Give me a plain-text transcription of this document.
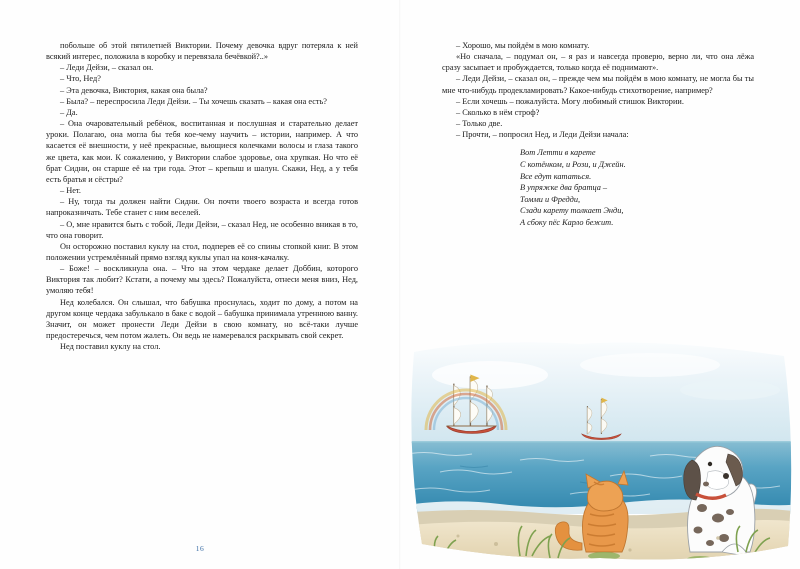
побольше об этой пятилетней Виктории. Почему девочка вдруг потеряла к ней всякий интерес, положила в коробку и перевязала бечёвкой?..»

– Леди Дейзи, – сказал он.

– Что, Нед?

– Эта девочка, Виктория, какая она была?

– Была? – переспросила Леди Дейзи. – Ты хочешь сказать – какая она есть?

– Да.

– Она очаровательный ребёнок, воспитанная и послушная и старательно делает уроки. Полагаю, она могла бы тебя кое-чему научить – истории, например. А что касается её внешности, у неё прекрасные, вьющиеся колечками волосы и глаза такого же цвета, как мои. К сожалению, у Виктории слабое здоровье, она хрупкая. Но что её брат Сидни, он старше её на три года. Этот – крепыш и шалун. Скажи, Нед, а у тебя есть братья и сёстры?

– Нет.

– Ну, тогда ты должен найти Сидни. Он почти твоего возраста и всегда готов напроказничать. Тебе станет с ним веселей.

– О, мне нравится быть с тобой, Леди Дейзи, – сказал Нед, не особенно вникая в то, что она говорит.

Он осторожно поставил куклу на стол, подперев её со спины стопкой книг. В этом положении устремлённый прямо взгляд куклы упал на коня-качалку.

– Боже! – воскликнула она. – Что на этом чердаке делает Доббин, которого Виктория так любит? Кстати, а почему мы здесь? Пожалуйста, отнеси меня вниз, Нед, умоляю тебя!

Нед колебался. Он слышал, что бабушка проснулась, ходит по дому, а потом на другом конце чердака забулькало в баке с водой – бабушка принимала утреннюю ванну. Значит, он может пронести Леди Дейзи в свою комнату, но всё-таки лучше предостеречься, чем потом жалеть. Он ведь не намеревался раскрывать свой секрет.

Нед поставил куклу на стол.

16

– Хорошо, мы пойдём в мою комнату.

«Но сначала, – подумал он, – я раз и навсегда проверю, верно ли, что она лёжа сразу засыпает и пробуждается, только когда её поднимают».

– Леди Дейзи, – сказал он, – прежде чем мы пойдём в мою комнату, не могла бы ты мне что-нибудь продекламировать? Какое-нибудь стихотворение, например?

– Если хочешь – пожалуйста. Могу любимый стишок Виктории.

– Сколько в нём строф?

– Только две.

– Прочти, – попросил Нед, и Леди Дейзи начала:

Вот Летти в карете
С котёнком, и Рози, и Джейн.
Все едут кататься.
В упряжке два братца –
Томми и Фредди,
Сзади карету толкает Энди,
А сбоку пёс Карло бежит.
